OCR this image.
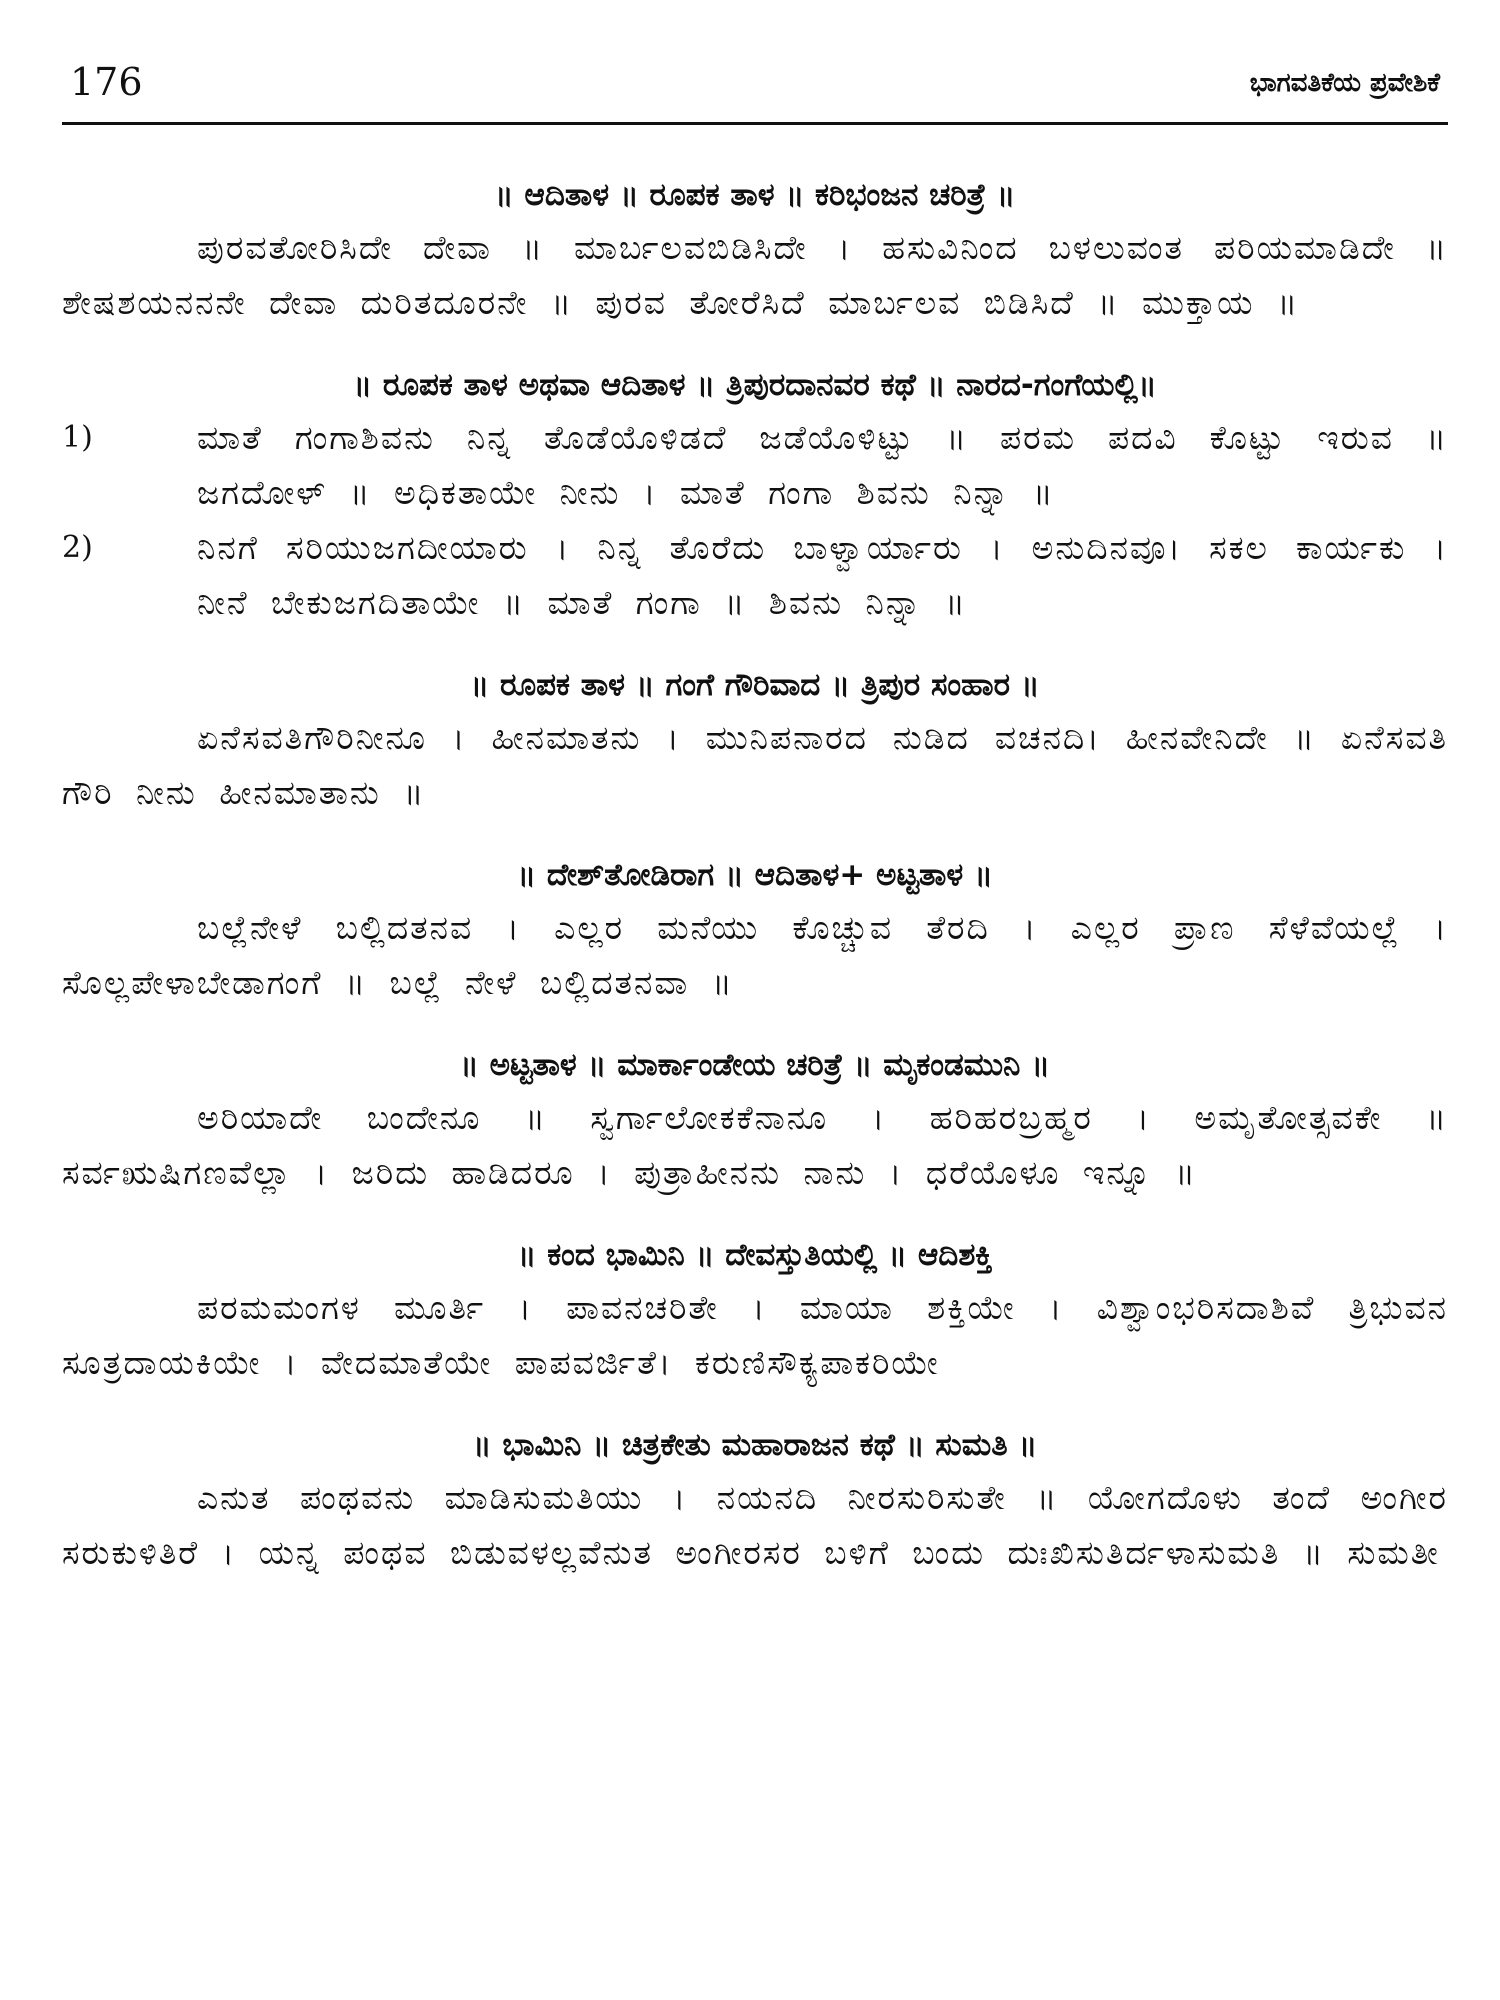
176	ಭಾಗವತಿಕೆಯ ಪ್ರವೇಶಿಕೆ
॥ ಆದಿತಾಳ ॥ ರೂಪಕ ತಾಳ ॥ ಕರಿಭಂಜನ ಚರಿತ್ರೆ ॥
ಪುರವತೋರಿಸಿದೇ ದೇವಾ ॥ ಮಾರ್ಬಲವಬಿಡಿಸಿದೇ । ಹಸುವಿನಿಂದ ಬಳಲುವಂತ ಪರಿಯಮಾಡಿದೇ ॥ ಶೇಷಶಯನನನೇ ದೇವಾ ದುರಿತದೂರನೇ ॥ ಪುರವ ತೋರೆಸಿದೆ ಮಾರ್ಬಲವ ಬಿಡಿಸಿದೆ ॥ ಮುಕ್ತಾಯ ॥
॥ ರೂಪಕ ತಾಳ ಅಥವಾ ಆದಿತಾಳ ॥ ತ್ರಿಪುರದಾನವರ ಕಥೆ ॥ ನಾರದ-ಗಂಗೆಯಲ್ಲಿ॥
1)	ಮಾತೆ ಗಂಗಾಶಿವನು ನಿನ್ನ ತೊಡೆಯೊಳಿಡದೆ ಜಡೆಯೊಳಿಟ್ಟು ॥ ಪರಮ ಪದವಿ ಕೊಟ್ಟು ಇರುವ ॥ ಜಗದೋಳ್ ॥ ಅಧಿಕತಾಯೇ ನೀನು । ಮಾತೆ ಗಂಗಾ ಶಿವನು ನಿನ್ನಾ ॥
2)	ನಿನಗೆ ಸರಿಯುಜಗದೀಯಾರು । ನಿನ್ನ ತೊರೆದು ಬಾಳ್ವಾರ್ಯಾರು । ಅನುದಿನವೂ। ಸಕಲ ಕಾರ್ಯಕು । ನೀನೆ ಬೇಕುಜಗದಿತಾಯೇ ॥ ಮಾತೆ ಗಂಗಾ ॥ ಶಿವನು ನಿನ್ನಾ ॥
॥ ರೂಪಕ ತಾಳ ॥ ಗಂಗೆ ಗೌರಿವಾದ ॥ ತ್ರಿಪುರ ಸಂಹಾರ ॥
ಏನೆಸವತಿಗೌರಿನೀನೂ । ಹೀನಮಾತನು । ಮುನಿಪನಾರದ ನುಡಿದ ವಚನದಿ। ಹೀನವೇನಿದೇ ॥ ಏನೆಸವತಿ ಗೌರಿ ನೀನು ಹೀನಮಾತಾನು ॥
॥ ದೇಶ್‌ತೋಡಿರಾಗ ॥ ಆದಿತಾಳ+ ಅಟ್ಟತಾಳ ॥
ಬಲ್ಲೆನೇಳೆ ಬಲ್ಲಿದತನವ । ಎಲ್ಲರ ಮನೆಯು ಕೊಚ್ಚುವ ತೆರದಿ । ಎಲ್ಲರ ಪ್ರಾಣ ಸೆಳೆವೆಯಲ್ಲೆ । ಸೊಲ್ಲಪೇಳಾಬೇಡಾಗಂಗೆ ॥ ಬಲ್ಲೆ ನೇಳೆ ಬಲ್ಲಿದತನವಾ ॥
॥ ಅಟ್ಟತಾಳ ॥ ಮಾರ್ಕಾಂಡೇಯ ಚರಿತ್ರೆ ॥ ಮೃಕಂಡಮುನಿ ॥
ಅರಿಯಾದೇ ಬಂದೇನೂ ॥ ಸ್ವರ್ಗಾಲೋಕಕೆನಾನೂ । ಹರಿಹರಬ್ರಹ್ಮರ । ಅಮೃತೋತ್ಸವಕೇ ॥ ಸರ್ವಋಷಿಗಣವೆಲ್ಲಾ । ಜರಿದು ಹಾಡಿದರೂ । ಪುತ್ರಾಹೀನನು ನಾನು । ಧರೆಯೊಳೂ ಇನ್ನೂ ॥
॥ ಕಂದ ಭಾಮಿನಿ ॥ ದೇವಸ್ತುತಿಯಲ್ಲಿ ॥ ಆದಿಶಕ್ತಿ
ಪರಮಮಂಗಳ ಮೂರ್ತಿ । ಪಾವನಚರಿತೇ । ಮಾಯಾ ಶಕ್ತಿಯೇ । ವಿಶ್ವಾಂಭರಿಸದಾಶಿವೆ ತ್ರಿಭುವನ ಸೂತ್ರದಾಯಕಿಯೇ । ವೇದಮಾತೆಯೇ ಪಾಪವರ್ಜಿತೆ। ಕರುಣಿಸೌಕ್ಯಪಾಕರಿಯೇ
॥ ಭಾಮಿನಿ ॥ ಚಿತ್ರಕೇತು ಮಹಾರಾಜನ ಕಥೆ ॥ ಸುಮತಿ ॥
ಎನುತ ಪಂಥವನು ಮಾಡಿಸುಮತಿಯು । ನಯನದಿ ನೀರಸುರಿಸುತೇ ॥ ಯೋಗದೊಳು ತಂದೆ ಅಂಗೀರ ಸರುಕುಳಿತಿರೆ । ಯನ್ನ ಪಂಥವ ಬಿಡುವಳಲ್ಲವೆನುತ ಅಂಗೀರಸರ ಬಳಿಗೆ ಬಂದು ದುಃಖಿಸುತಿರ್ದಳಾಸುಮತಿ ॥ ಸುಮತೀ
